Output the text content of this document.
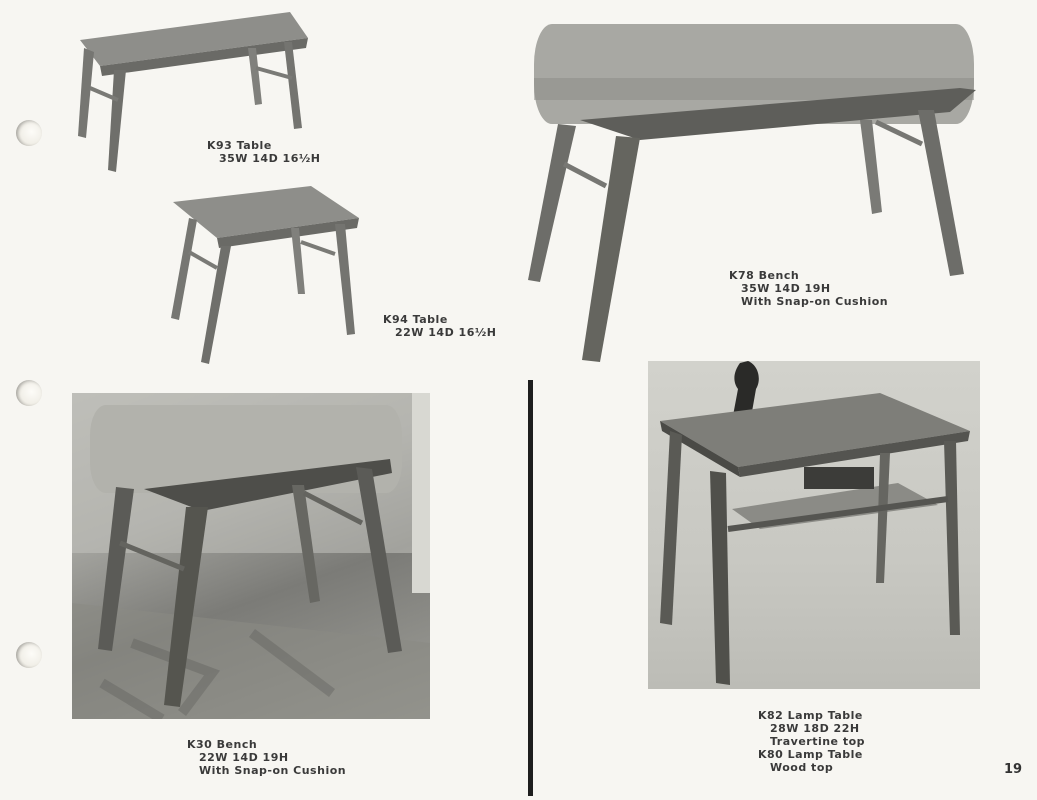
K93 Table
35W 14D 16½H
K94 Table
22W 14D 16½H
K78 Bench
35W 14D 19H
With Snap-on Cushion
K30 Bench
22W 14D 19H
With Snap-on Cushion
K82 Lamp Table
28W 18D 22H
Travertine top
K80 Lamp Table
Wood top	19
